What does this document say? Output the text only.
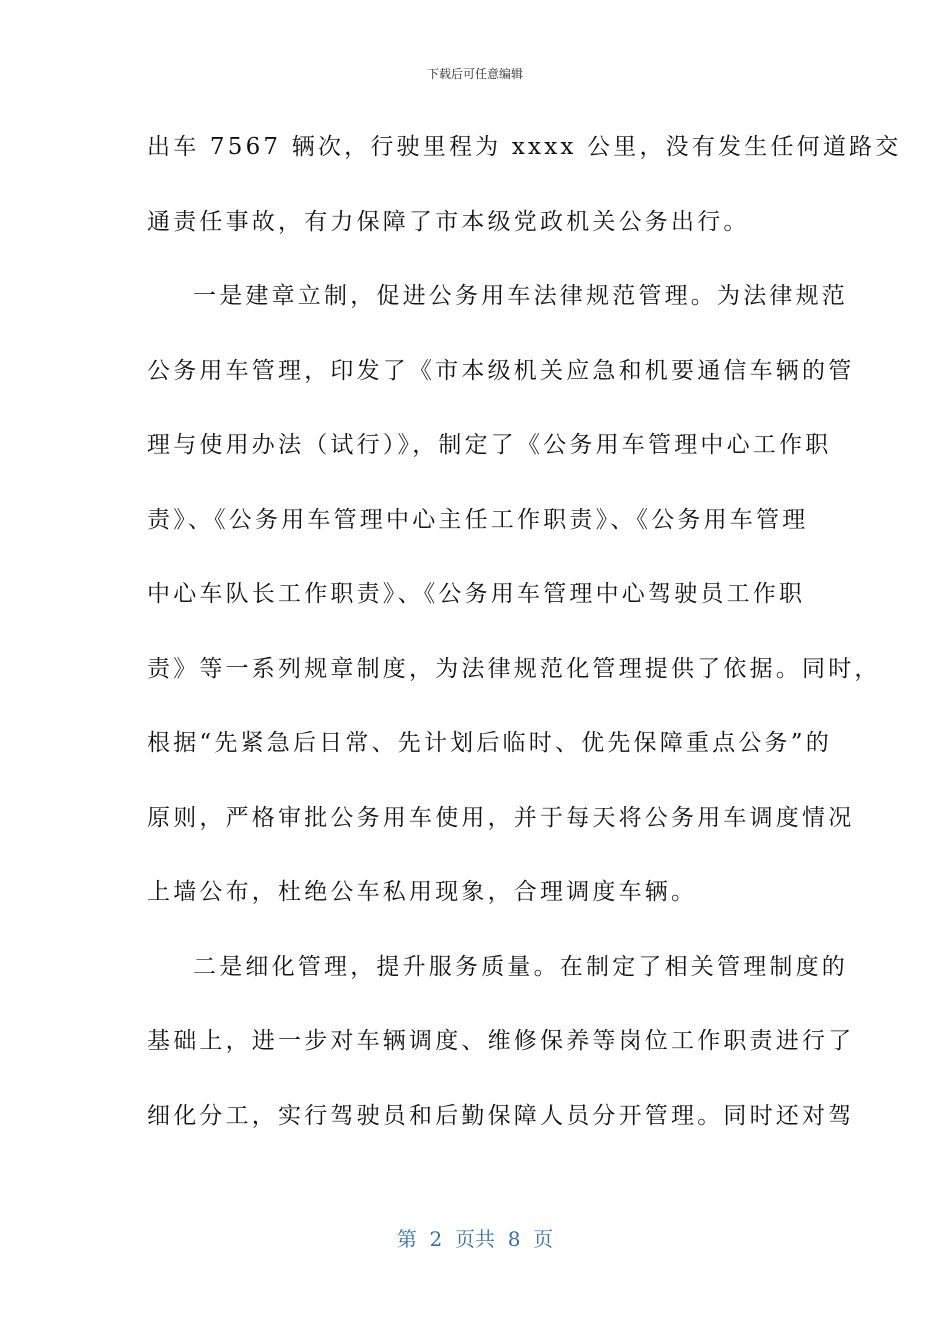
下载后可任意编辑
出车 7567 辆次，行驶里程为 xxxx 公里，没有发生任何道路交
通责任事故，有力保障了市本级党政机关公务出行。
一是建章立制，促进公务用车法律规范管理。为法律规范
公务用车管理，印发了《市本级机关应急和机要通信车辆的管
理与使用办法（试行）》，制定了《公务用车管理中心工作职
责》、《公务用车管理中心主任工作职责》、《公务用车管理
中心车队长工作职责》、《公务用车管理中心驾驶员工作职
责》等一系列规章制度，为法律规范化管理提供了依据。同时，
根据“先紧急后日常、先计划后临时、优先保障重点公务”的
原则，严格审批公务用车使用，并于每天将公务用车调度情况
上墙公布，杜绝公车私用现象，合理调度车辆。
二是细化管理，提升服务质量。在制定了相关管理制度的
基础上，进一步对车辆调度、维修保养等岗位工作职责进行了
细化分工，实行驾驶员和后勤保障人员分开管理。同时还对驾
第  2  页共  8  页
